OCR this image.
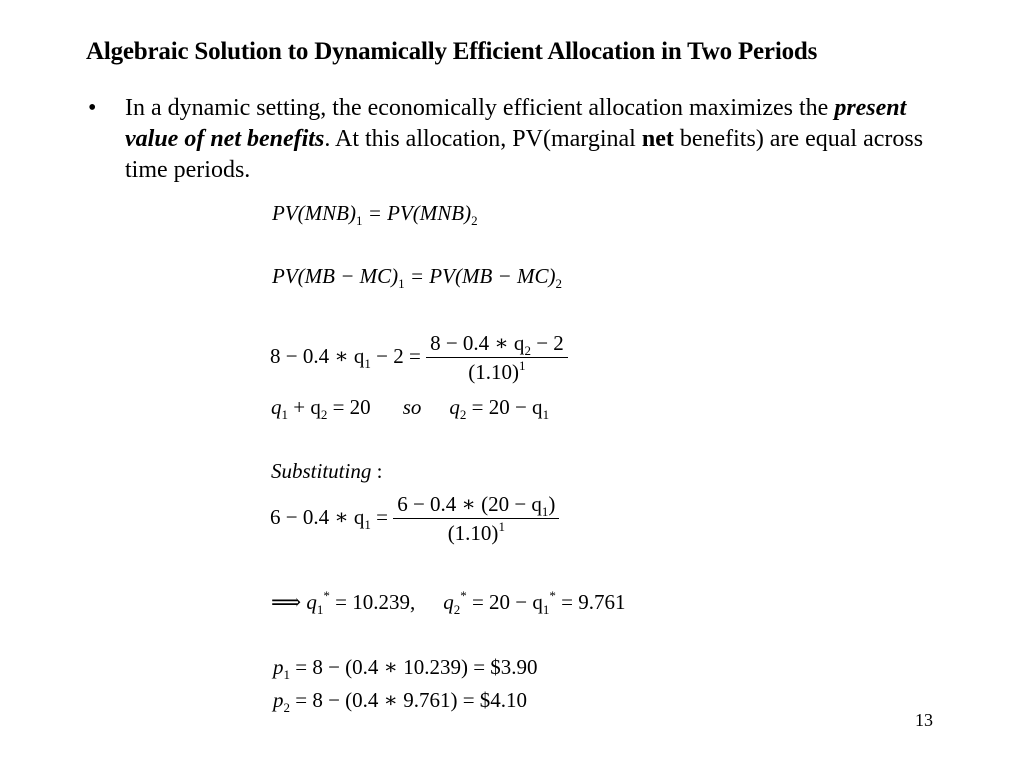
Algebraic Solution to Dynamically Efficient Allocation in Two Periods
• In a dynamic setting, the economically efficient allocation maximizes the present value of net benefits. At this allocation, PV(marginal net benefits) are equal across time periods.
$PV(MNB)_1 = PV(MNB)_2$
$PV(MB - MC)_1 = PV(MB - MC)_2$
8 − 0.4 ∗ $q_1 - 2 = \frac{8 - 0.4 ∗ q_2 - 2}{(1.10)^1}$
$q_1 + q_2 = 20$ so $q_2 = 20 - q_1$
Substituting :
6 − 0.4 ∗ $q_1 = \frac{6 - 0.4 ∗ (20 - q_1)}{(1.10)^1}$
⟹ $q_1^* = 10.239$, $q_2^* = 20 - q_1^* = 9.761$
$p_1 = 8 - (0.4$ ∗ 10.239) = $3.90
$p_2 = 8 - (0.4$ ∗ 9.761) = $4.10
13
